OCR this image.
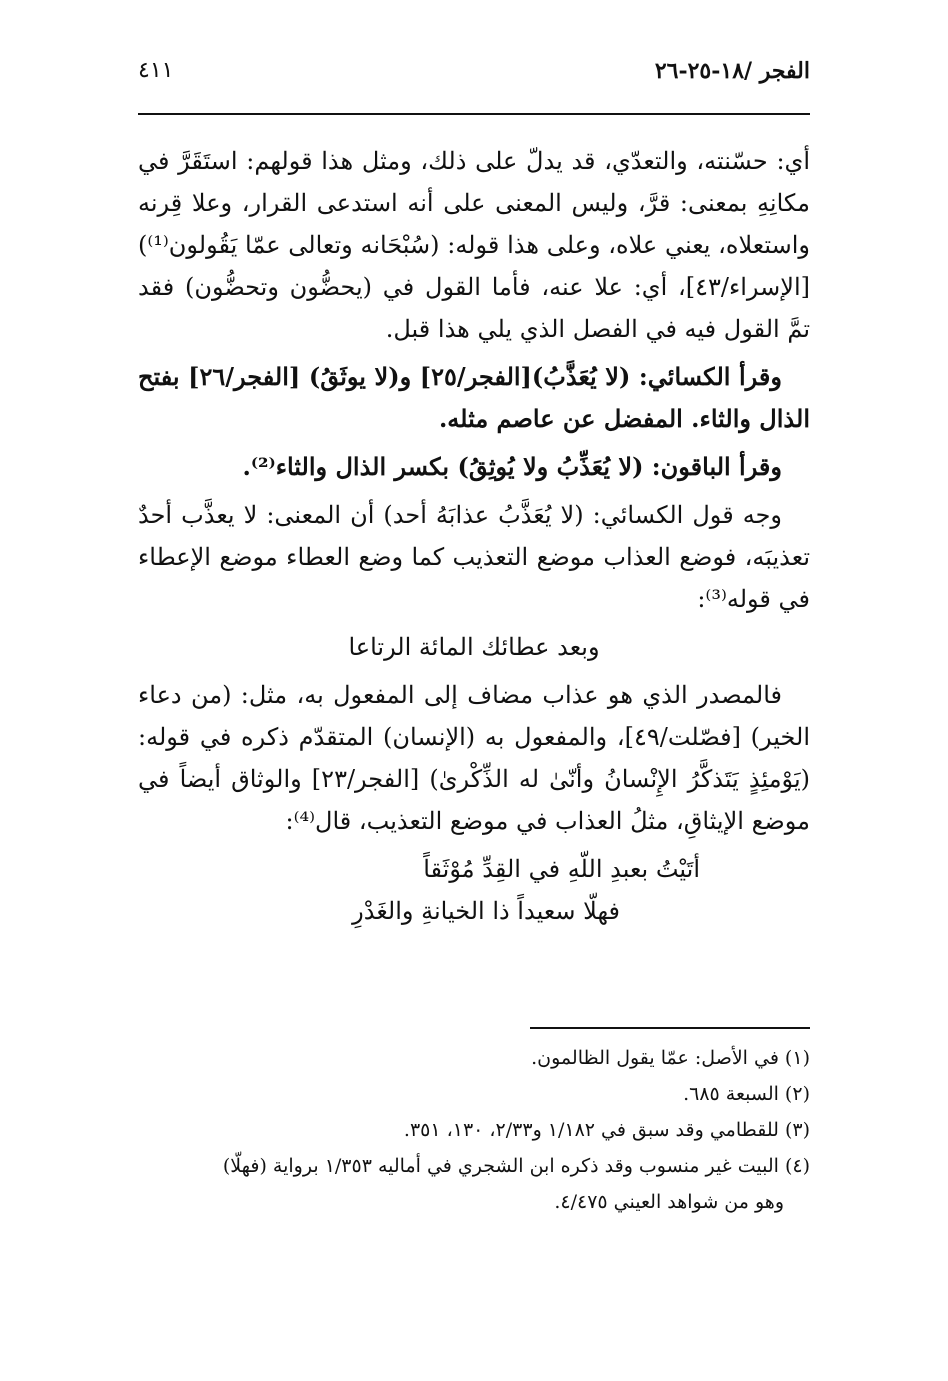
الفجر /١٨-٢٥-٢٦
٤١١

أي: حسّنته، والتعدّي، قد يدلّ على ذلك، ومثل هذا قولهم: استَقَرَّ في مكانِهِ بمعنى: قرَّ، وليس المعنى على أنه استدعى القرار، وعلا قِرنه واستعلاه، يعني علاه، وعلى هذا قوله: (سُبْحَانه وتعالى عمّا يَقُولون⁽¹⁾) [الإسراء/٤٣]، أي: علا عنه، فأما القول في (يحضُّون وتحضُّون) فقد تمَّ القول فيه في الفصل الذي يلي هذا قبل.

وقرأ الكسائي: (لا يُعَذَّبُ)[الفجر/٢٥] و(لا يوثَقُ) [الفجر/٢٦] بفتح الذال والثاء. المفضل عن عاصم مثله.

وقرأ الباقون: (لا يُعَذِّبُ ولا يُوثِقُ) بكسر الذال والثاء⁽²⁾.

وجه قول الكسائي: (لا يُعَذَّبُ عذابَهُ أحد) أن المعنى: لا يعذَّب أحدٌ تعذيبَه، فوضع العذاب موضع التعذيب كما وضع العطاء موضع الإعطاء في قوله⁽³⁾:

وبعد عطائك المائة الرتاعا

فالمصدر الذي هو عذاب مضاف إلى المفعول به، مثل: (من دعاء الخير) [فصّلت/٤٩]، والمفعول به (الإنسان) المتقدّم ذكره في قوله: (يَوْمئِذٍ يَتَذكَّرُ الإِنْسانُ وأنّىٰ له الذِّكْرىٰ) [الفجر/٢٣] والوثاق أيضاً في موضع الإيثاقِ، مثلُ العذاب في موضع التعذيب، قال⁽⁴⁾:

أتَيْتُ بعبدِ اللّهِ في القِدِّ مُوْثَقاً

فهلّا سعيداً ذا الخيانةِ والغَدْرِ

(١) في الأصل: عمّا يقول الظالمون.

(٢) السبعة ٦٨٥.

(٣) للقطامي وقد سبق في ١/١٨٢ و٢/٣٣، ١٣٠، ٣٥١.

(٤) البيت غير منسوب وقد ذكره ابن الشجري في أماليه ١/٣٥٣ برواية (فهلّا)

وهو من شواهد العيني ٤/٤٧٥.
